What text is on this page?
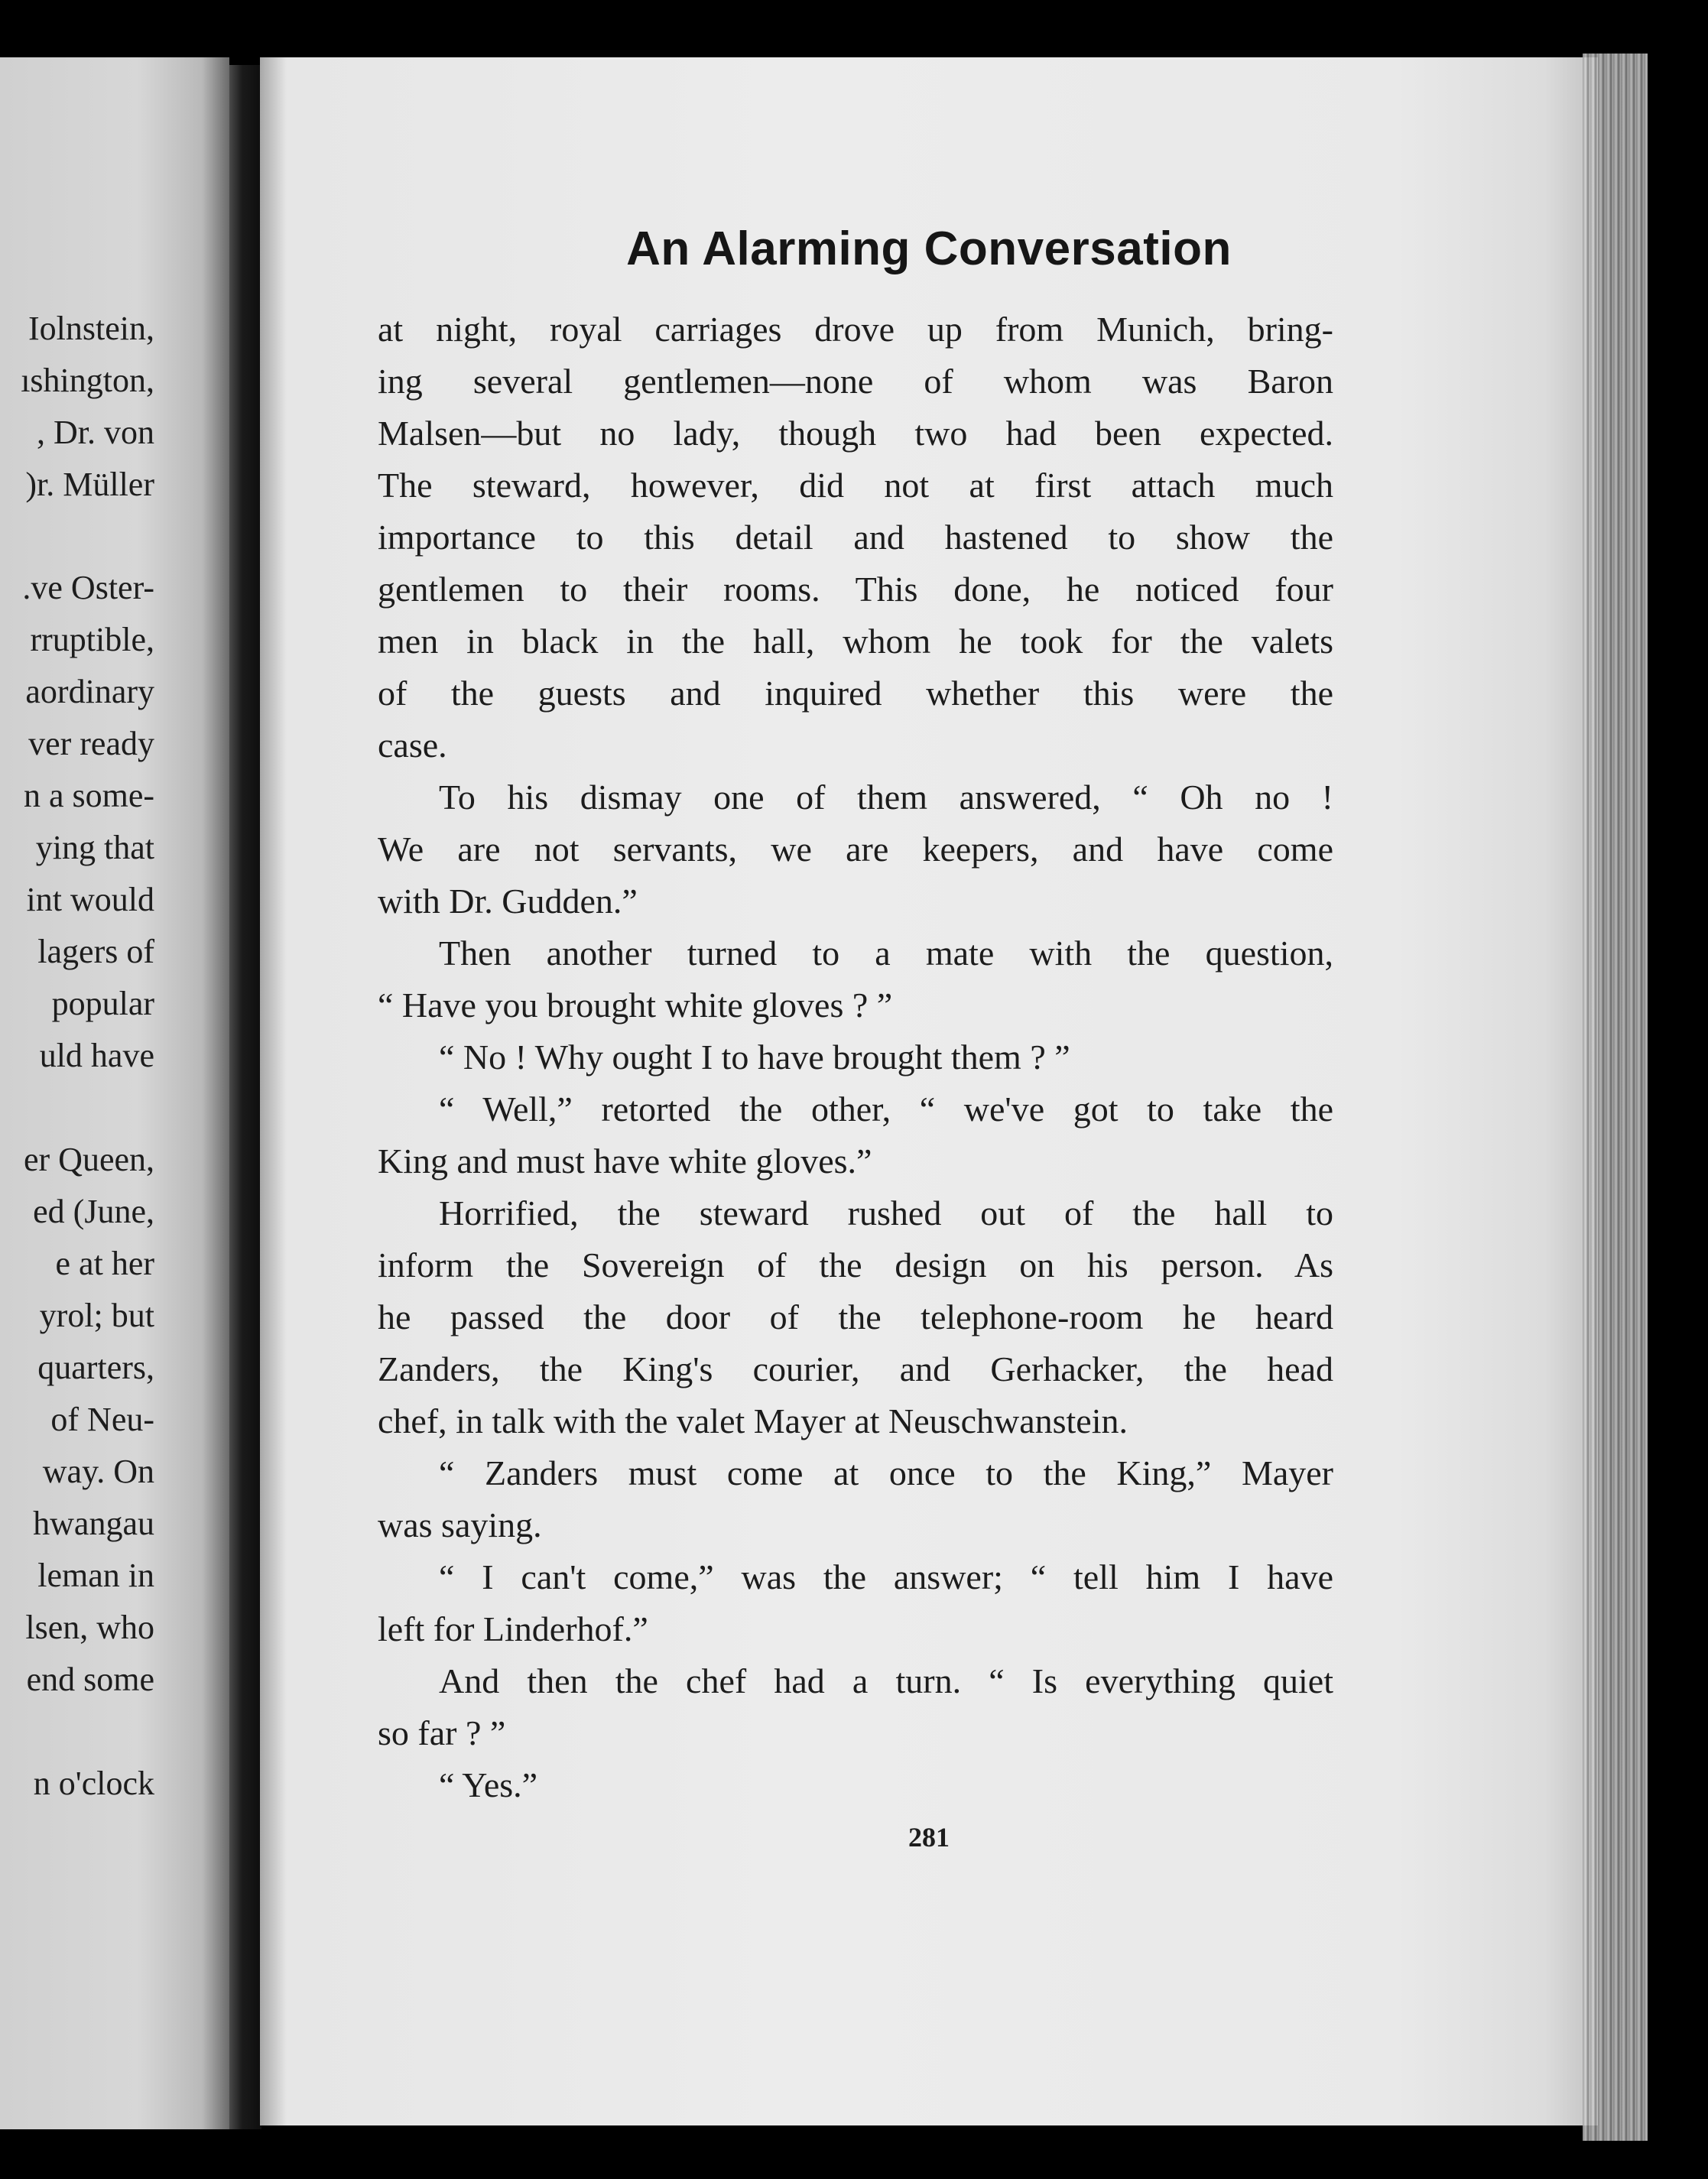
Iolnstein,
ıshington,
, Dr. von
)r. Müller
.ve Oster-
rruptible,
aordinary
ver ready
n a some-
ying that
int would
lagers of
popular
uld have
er Queen,
ed (June,
e at her
yrol; but
quarters,
of Neu-
way. On
hwangau
leman in
lsen, who
end some
n o'clock
An Alarming Conversation
at night, royal carriages drove up from Munich, bring-
ing several gentlemen—none of whom was Baron
Malsen—but no lady, though two had been expected.
The steward, however, did not at first attach much
importance to this detail and hastened to show the
gentlemen to their rooms. This done, he noticed four
men in black in the hall, whom he took for the valets
of the guests and inquired whether this were the
case.
To his dismay one of them answered, “ Oh no !
We are not servants, we are keepers, and have come
with Dr. Gudden.”
Then another turned to a mate with the question,
“ Have you brought white gloves ? ”
“ No ! Why ought I to have brought them ? ”
“ Well,” retorted the other, “ we've got to take the
King and must have white gloves.”
Horrified, the steward rushed out of the hall to
inform the Sovereign of the design on his person. As
he passed the door of the telephone-room he heard
Zanders, the King's courier, and Gerhacker, the head
chef, in talk with the valet Mayer at Neuschwanstein.
“ Zanders must come at once to the King,” Mayer
was saying.
“ I can't come,” was the answer; “ tell him I have
left for Linderhof.”
And then the chef had a turn. “ Is everything quiet
so far ? ”
“ Yes.”
281
